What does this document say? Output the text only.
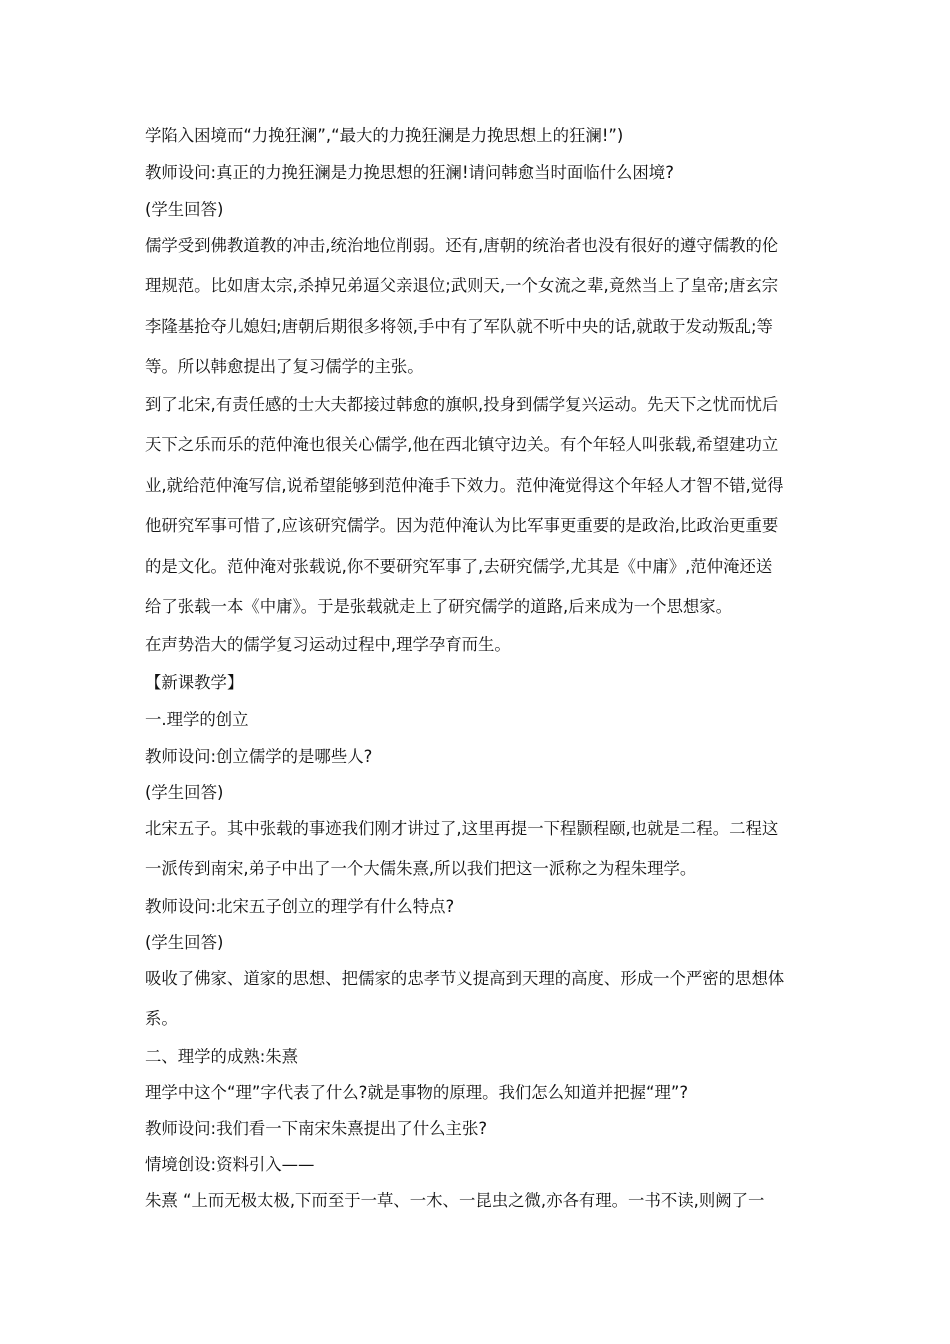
学陷入困境而“力挽狂澜”,“最大的力挽狂澜是力挽思想上的狂澜!”)
教师设问:真正的力挽狂澜是力挽思想的狂澜!请问韩愈当时面临什么困境?
(学生回答)
儒学受到佛教道教的冲击,统治地位削弱。还有,唐朝的统治者也没有很好的遵守儒教的伦
理规范。比如唐太宗,杀掉兄弟逼父亲退位;武则天,一个女流之辈,竟然当上了皇帝;唐玄宗
李隆基抢夺儿媳妇;唐朝后期很多将领,手中有了军队就不听中央的话,就敢于发动叛乱;等
等。所以韩愈提出了复习儒学的主张。
到了北宋,有责任感的士大夫都接过韩愈的旗帜,投身到儒学复兴运动。先天下之忧而忧后
天下之乐而乐的范仲淹也很关心儒学,他在西北镇守边关。有个年轻人叫张载,希望建功立
业,就给范仲淹写信,说希望能够到范仲淹手下效力。范仲淹觉得这个年轻人才智不错,觉得
他研究军事可惜了,应该研究儒学。因为范仲淹认为比军事更重要的是政治,比政治更重要
的是文化。范仲淹对张载说,你不要研究军事了,去研究儒学,尤其是《中庸》,范仲淹还送
给了张载一本《中庸》。于是张载就走上了研究儒学的道路,后来成为一个思想家。
在声势浩大的儒学复习运动过程中,理学孕育而生。
【新课教学】
一.理学的创立
教师设问:创立儒学的是哪些人?
(学生回答)
北宋五子。其中张载的事迹我们刚才讲过了,这里再提一下程颢程颐,也就是二程。二程这
一派传到南宋,弟子中出了一个大儒朱熹,所以我们把这一派称之为程朱理学。
教师设问:北宋五子创立的理学有什么特点?
(学生回答)
吸收了佛家、道家的思想、把儒家的忠孝节义提高到天理的高度、形成一个严密的思想体
系。
二、理学的成熟:朱熹
理学中这个“理”字代表了什么?就是事物的原理。我们怎么知道并把握“理”?
教师设问:我们看一下南宋朱熹提出了什么主张?
情境创设:资料引入——
朱熹 “上而无极太极,下而至于一草、一木、一昆虫之微,亦各有理。一书不读,则阙了一
